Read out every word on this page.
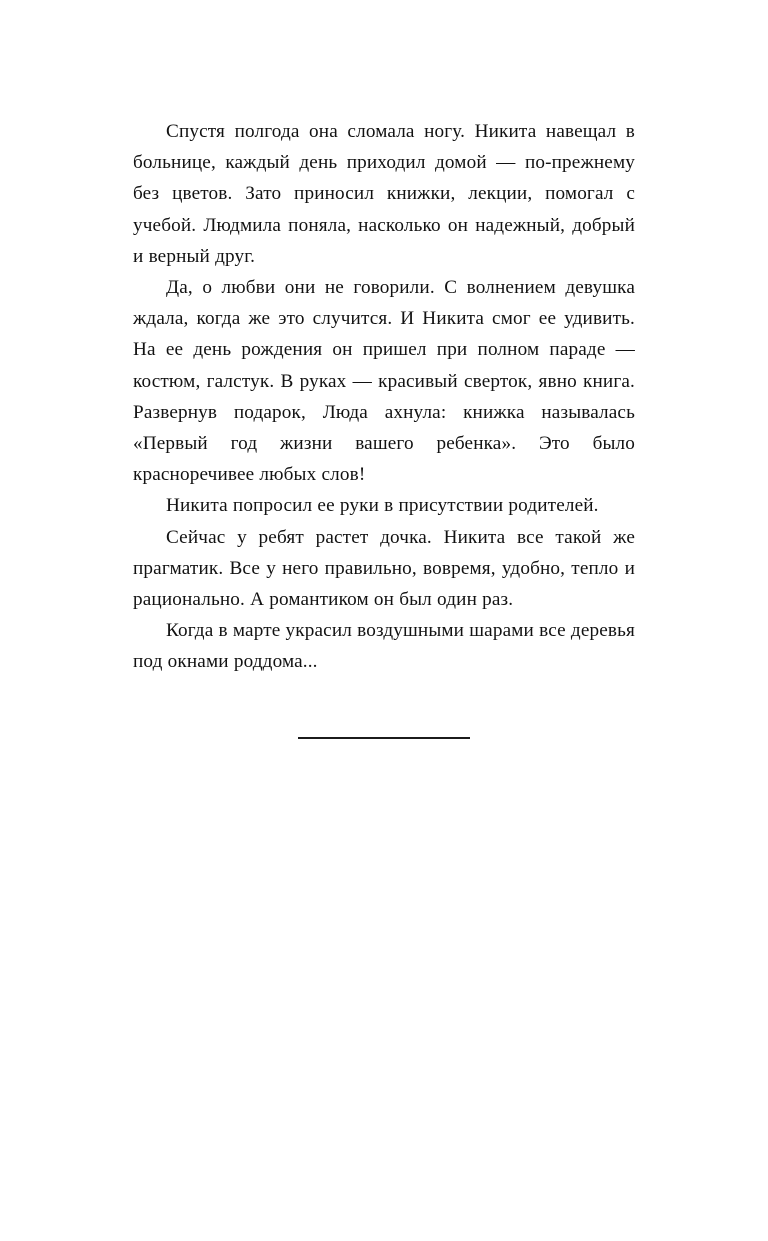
Спустя полгода она сломала ногу. Никита навещал в больнице, каждый день приходил домой — по-прежнему без цветов. Зато приносил книжки, лекции, помогал с учебой. Людмила поняла, насколько он надежный, добрый и верный друг.

Да, о любви они не говорили. С волнением девушка ждала, когда же это случится. И Никита смог ее удивить. На ее день рождения он пришел при полном параде — костюм, галстук. В руках — красивый сверток, явно книга. Развернув подарок, Люда ахнула: книжка называлась «Первый год жизни вашего ребенка». Это было красноречивее любых слов!

Никита попросил ее руки в присутствии родителей.

Сейчас у ребят растет дочка. Никита все такой же прагматик. Все у него правильно, вовремя, удобно, тепло и рационально. А романтиком он был один раз.

Когда в марте украсил воздушными шарами все деревья под окнами роддома...
